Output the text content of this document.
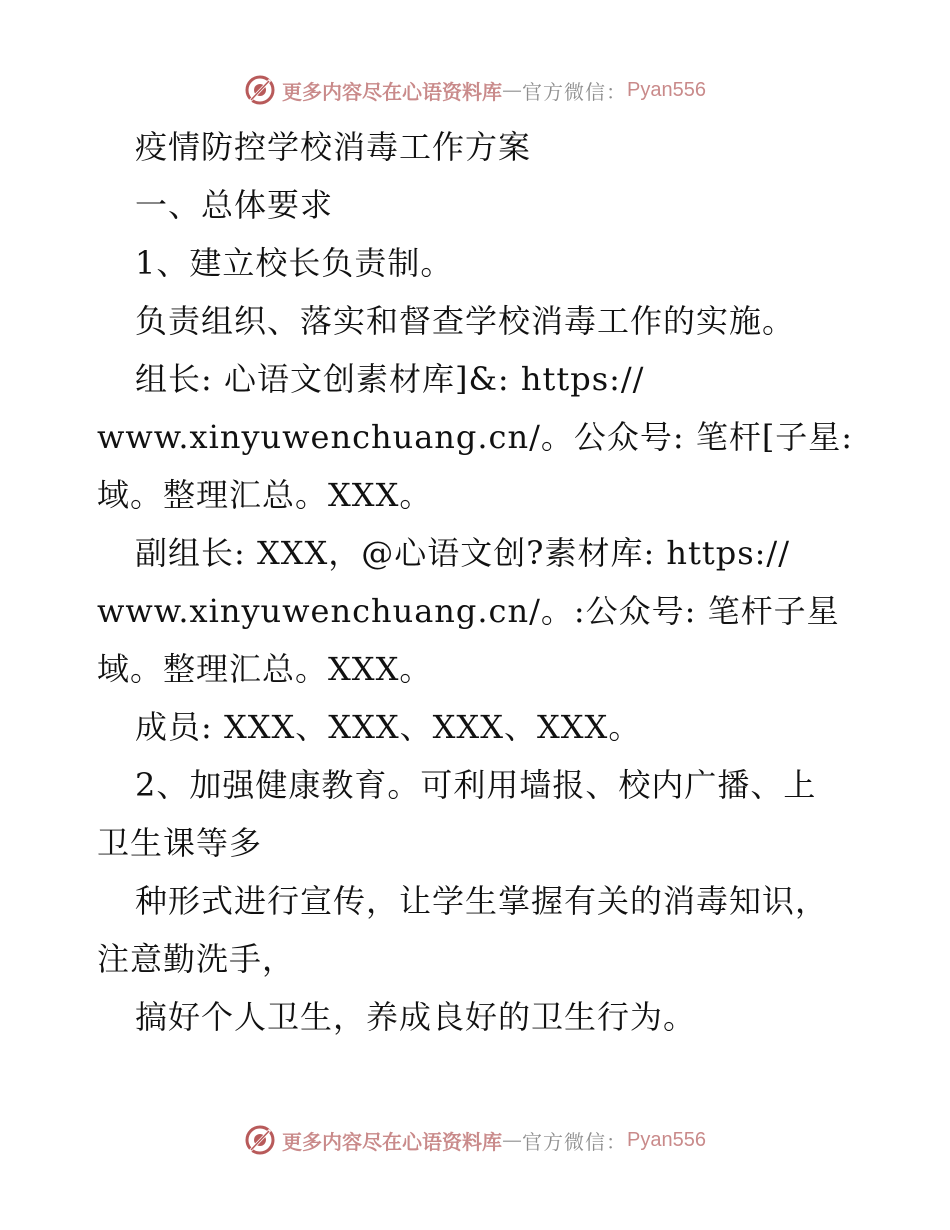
更多内容尽在心语资料库 — 官方微信： Pyan556
疫情防控学校消毒工作方案
一、总体要求
1、建立校长负责制。
负责组织、落实和督查学校消毒工作的实施。
组长: 心语文创素材库]&: https://
www.xinyuwenchuang.cn/。公众号: 笔杆[子星:
域。整理汇总。XXX。
副组长: XXX，@心语文创?素材库: https://
www.xinyuwenchuang.cn/。:公众号: 笔杆子星
域。整理汇总。XXX。
成员: XXX、XXX、XXX、XXX。
2、加强健康教育。可利用墙报、校内广播、上
卫生课等多
种形式进行宣传，让学生掌握有关的消毒知识，
注意勤洗手，
搞好个人卫生，养成良好的卫生行为。
更多内容尽在心语资料库 — 官方微信： Pyan556
